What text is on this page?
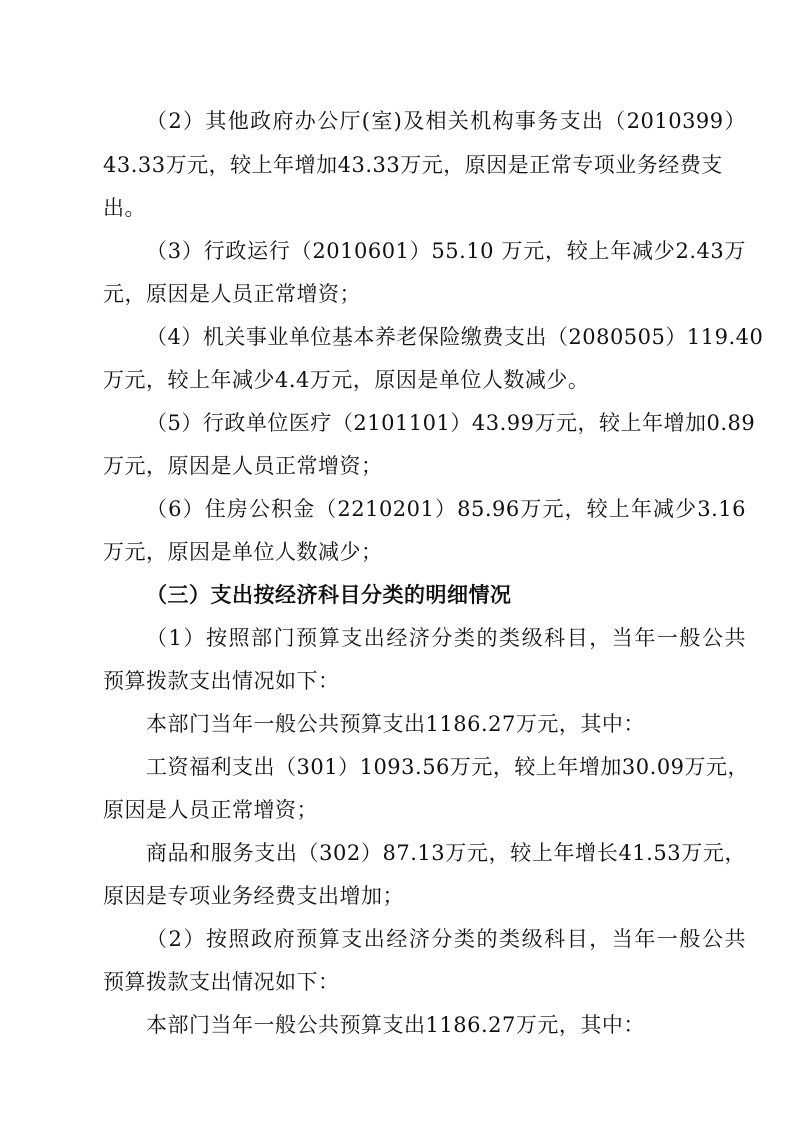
（2）其他政府办公厅(室)及相关机构事务支出（2010399）
43.33万元，较上年增加43.33万元，原因是正常专项业务经费支
出。
（3）行政运行（2010601）55.10 万元，较上年减少2.43万
元，原因是人员正常增资；
（4）机关事业单位基本养老保险缴费支出（2080505）119.40
万元，较上年减少4.4万元，原因是单位人数减少。
（5）行政单位医疗（2101101）43.99万元，较上年增加0.89
万元，原因是人员正常增资；
（6）住房公积金（2210201）85.96万元，较上年减少3.16
万元，原因是单位人数减少；
（三）支出按经济科目分类的明细情况
（1）按照部门预算支出经济分类的类级科目，当年一般公共
预算拨款支出情况如下：
本部门当年一般公共预算支出1186.27万元，其中：
工资福利支出（301）1093.56万元，较上年增加30.09万元，
原因是人员正常增资；
商品和服务支出（302）87.13万元，较上年增长41.53万元，
原因是专项业务经费支出增加；
（2）按照政府预算支出经济分类的类级科目，当年一般公共
预算拨款支出情况如下：
本部门当年一般公共预算支出1186.27万元，其中：
